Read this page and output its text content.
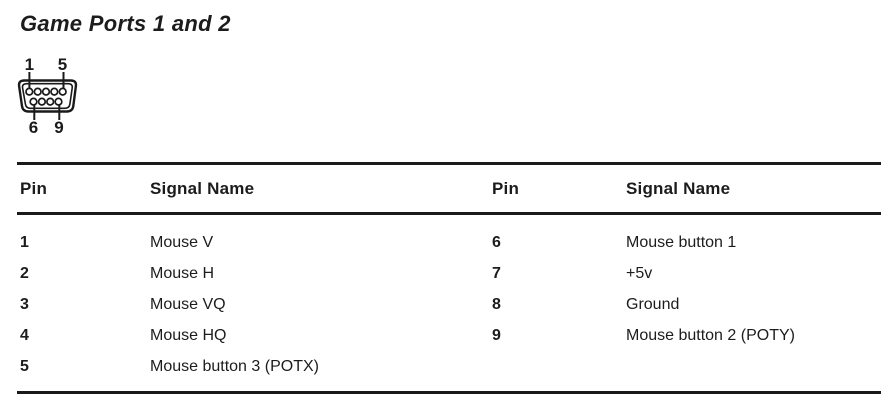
Game Ports 1 and 2
1 5
6 9
Pin	Signal Name	Pin	Signal Name
1	Mouse V	6	Mouse button 1
2	Mouse H	7	+5v
3	Mouse VQ	8	Ground
4	Mouse HQ	9	Mouse button 2 (POTY)
5	Mouse button 3 (POTX)
